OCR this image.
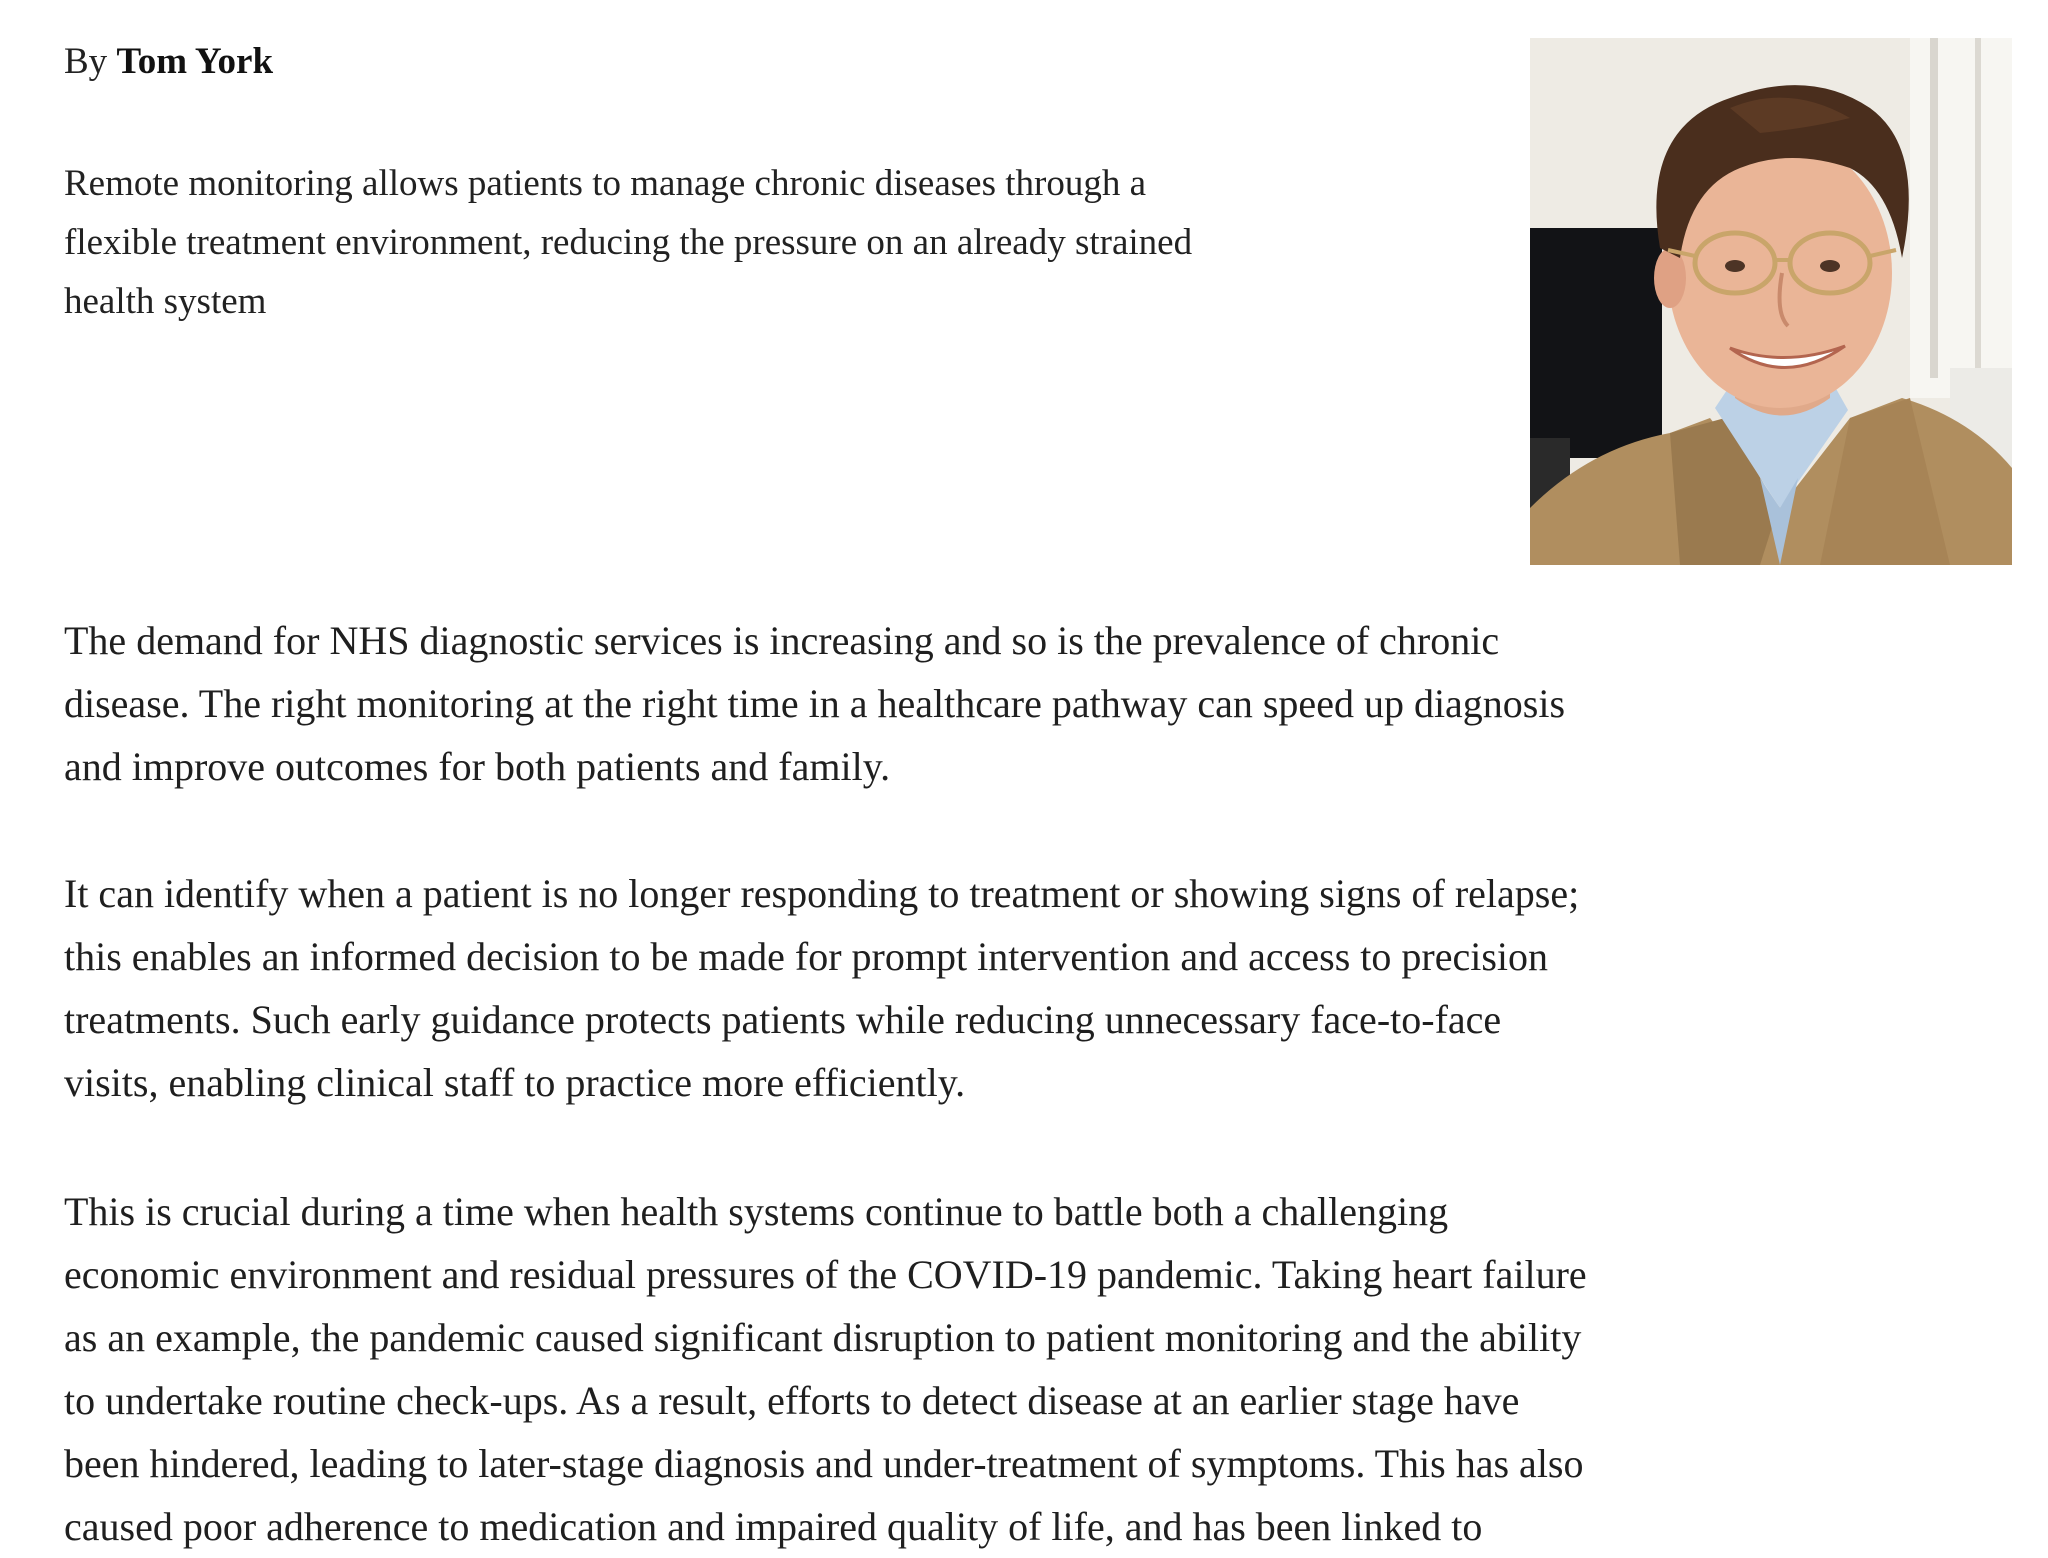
By Tom York
Remote monitoring allows patients to manage chronic diseases through a
flexible treatment environment, reducing the pressure on an already strained
health system
The demand for NHS diagnostic services is increasing and so is the prevalence of chronic
disease. The right monitoring at the right time in a healthcare pathway can speed up diagnosis
and improve outcomes for both patients and family.
It can identify when a patient is no longer responding to treatment or showing signs of relapse;
this enables an informed decision to be made for prompt intervention and access to precision
treatments. Such early guidance protects patients while reducing unnecessary face-to-face
visits, enabling clinical staff to practice more efficiently.
This is crucial during a time when health systems continue to battle both a challenging
economic environment and residual pressures of the COVID-19 pandemic. Taking heart failure
as an example, the pandemic caused significant disruption to patient monitoring and the ability
to undertake routine check-ups. As a result, efforts to detect disease at an earlier stage have
been hindered, leading to later-stage diagnosis and under-treatment of symptoms. This has also
caused poor adherence to medication and impaired quality of life, and has been linked to
